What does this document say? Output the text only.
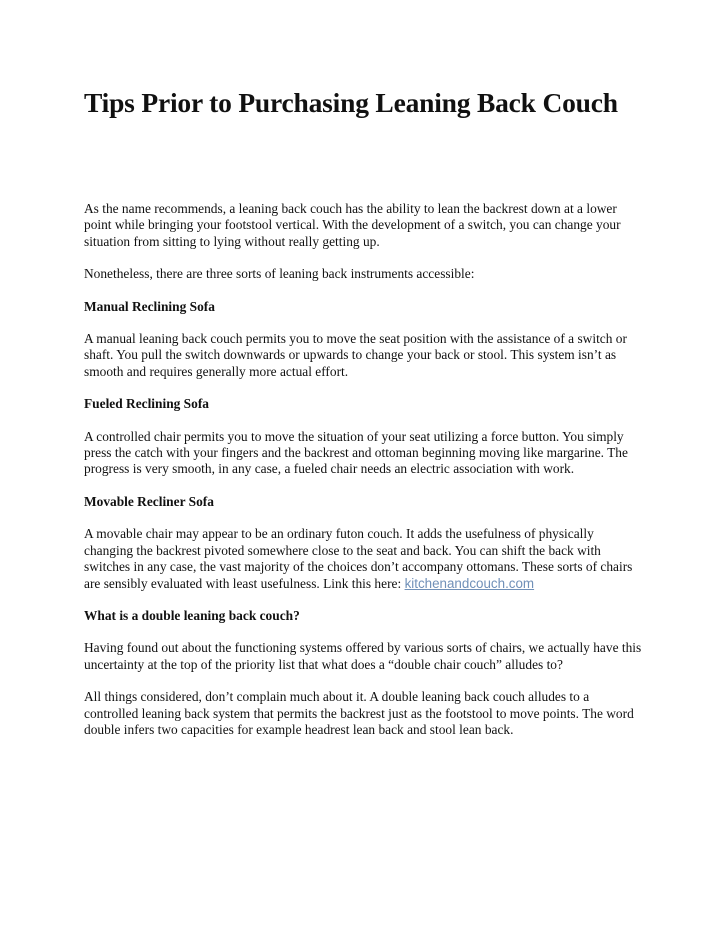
Tips Prior to Purchasing Leaning Back Couch

As the name recommends, a leaning back couch has the ability to lean the backrest down at a lower point while bringing your footstool vertical. With the development of a switch, you can change your situation from sitting to lying without really getting up.

Nonetheless, there are three sorts of leaning back instruments accessible:

Manual Reclining Sofa

A manual leaning back couch permits you to move the seat position with the assistance of a switch or shaft. You pull the switch downwards or upwards to change your back or stool. This system isn’t as smooth and requires generally more actual effort.

Fueled Reclining Sofa

A controlled chair permits you to move the situation of your seat utilizing a force button. You simply press the catch with your fingers and the backrest and ottoman beginning moving like margarine. The progress is very smooth, in any case, a fueled chair needs an electric association with work.

Movable Recliner Sofa

A movable chair may appear to be an ordinary futon couch. It adds the usefulness of physically changing the backrest pivoted somewhere close to the seat and back. You can shift the back with switches in any case, the vast majority of the choices don’t accompany ottomans. These sorts of chairs are sensibly evaluated with least usefulness. Link this here: kitchenandcouch.com

What is a double leaning back couch?

Having found out about the functioning systems offered by various sorts of chairs, we actually have this uncertainty at the top of the priority list that what does a “double chair couch” alludes to?

All things considered, don’t complain much about it. A double leaning back couch alludes to a controlled leaning back system that permits the backrest just as the footstool to move points. The word double infers two capacities for example headrest lean back and stool lean back.
